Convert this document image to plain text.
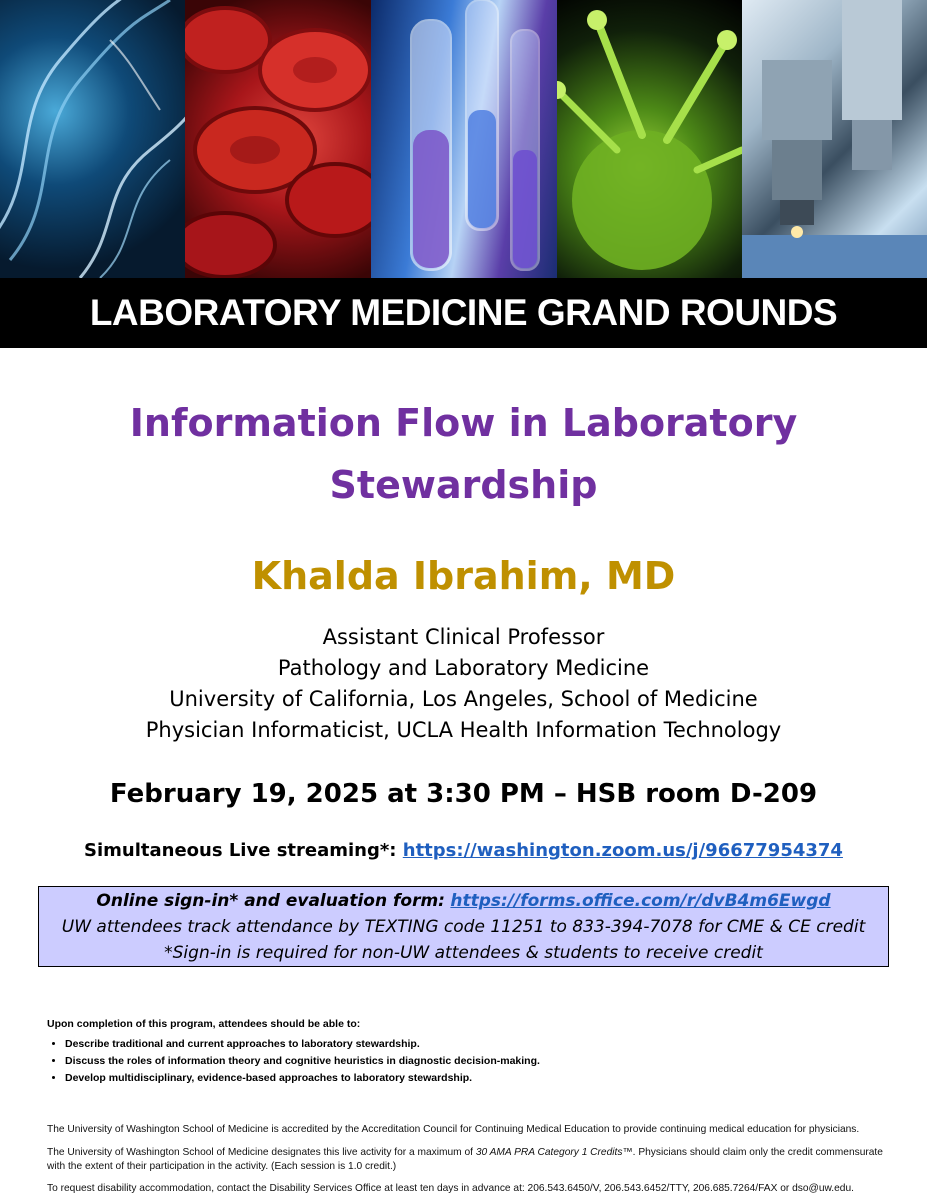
LABORATORY MEDICINE GRAND ROUNDS
Information Flow in Laboratory
Stewardship
Khalda Ibrahim, MD
Assistant Clinical Professor
Pathology and Laboratory Medicine
University of California, Los Angeles, School of Medicine
Physician Informaticist, UCLA Health Information Technology
February 19, 2025 at 3:30 PM – HSB room D-209
Simultaneous Live streaming*: https://washington.zoom.us/j/96677954374
Online sign-in* and evaluation form: https://forms.office.com/r/dvB4m6Ewgd
UW attendees track attendance by TEXTING code 11251 to 833-394-7078 for CME & CE credit
*Sign-in is required for non-UW attendees & students to receive credit

Upon completion of this program, attendees should be able to:

• Describe traditional and current approaches to laboratory stewardship.
• Discuss the roles of information theory and cognitive heuristics in diagnostic decision-making.
• Develop multidisciplinary, evidence-based approaches to laboratory stewardship.
The University of Washington School of Medicine is accredited by the Accreditation Council for Continuing Medical Education to provide continuing medical education for physicians.
The University of Washington School of Medicine designates this live activity for a maximum of 30 AMA PRA Category 1 Credits™. Physicians should claim only the credit commensurate with the extent of their participation in the activity. (Each session is 1.0 credit.)
To request disability accommodation, contact the Disability Services Office at least ten days in advance at: 206.543.6450/V, 206.543.6452/TTY, 206.685.7264/FAX or dso@uw.edu.
